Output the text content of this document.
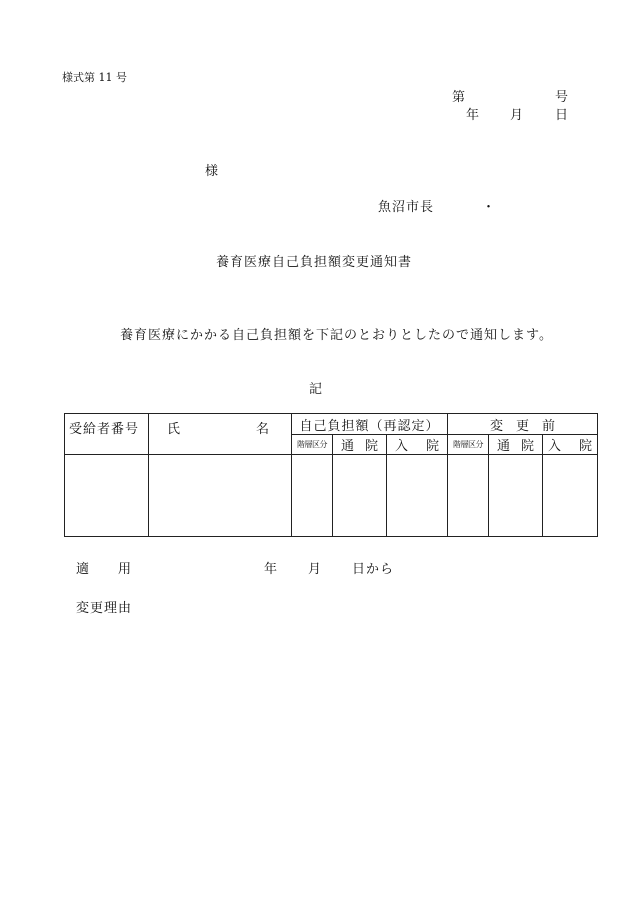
様式第 11 号
第	号
年 月 日
様
魚沼市長	・
養育医療自己負担額変更通知書
養育医療にかかる自己負担額を下記のとおりとしたので通知します。
記
受給者番号	氏 名	自己負担額（再認定）			変　更　前		
		階層区分	通 院	入 院	階層区分	通 院	入 院

適 用	年 月 日から
変更理由
